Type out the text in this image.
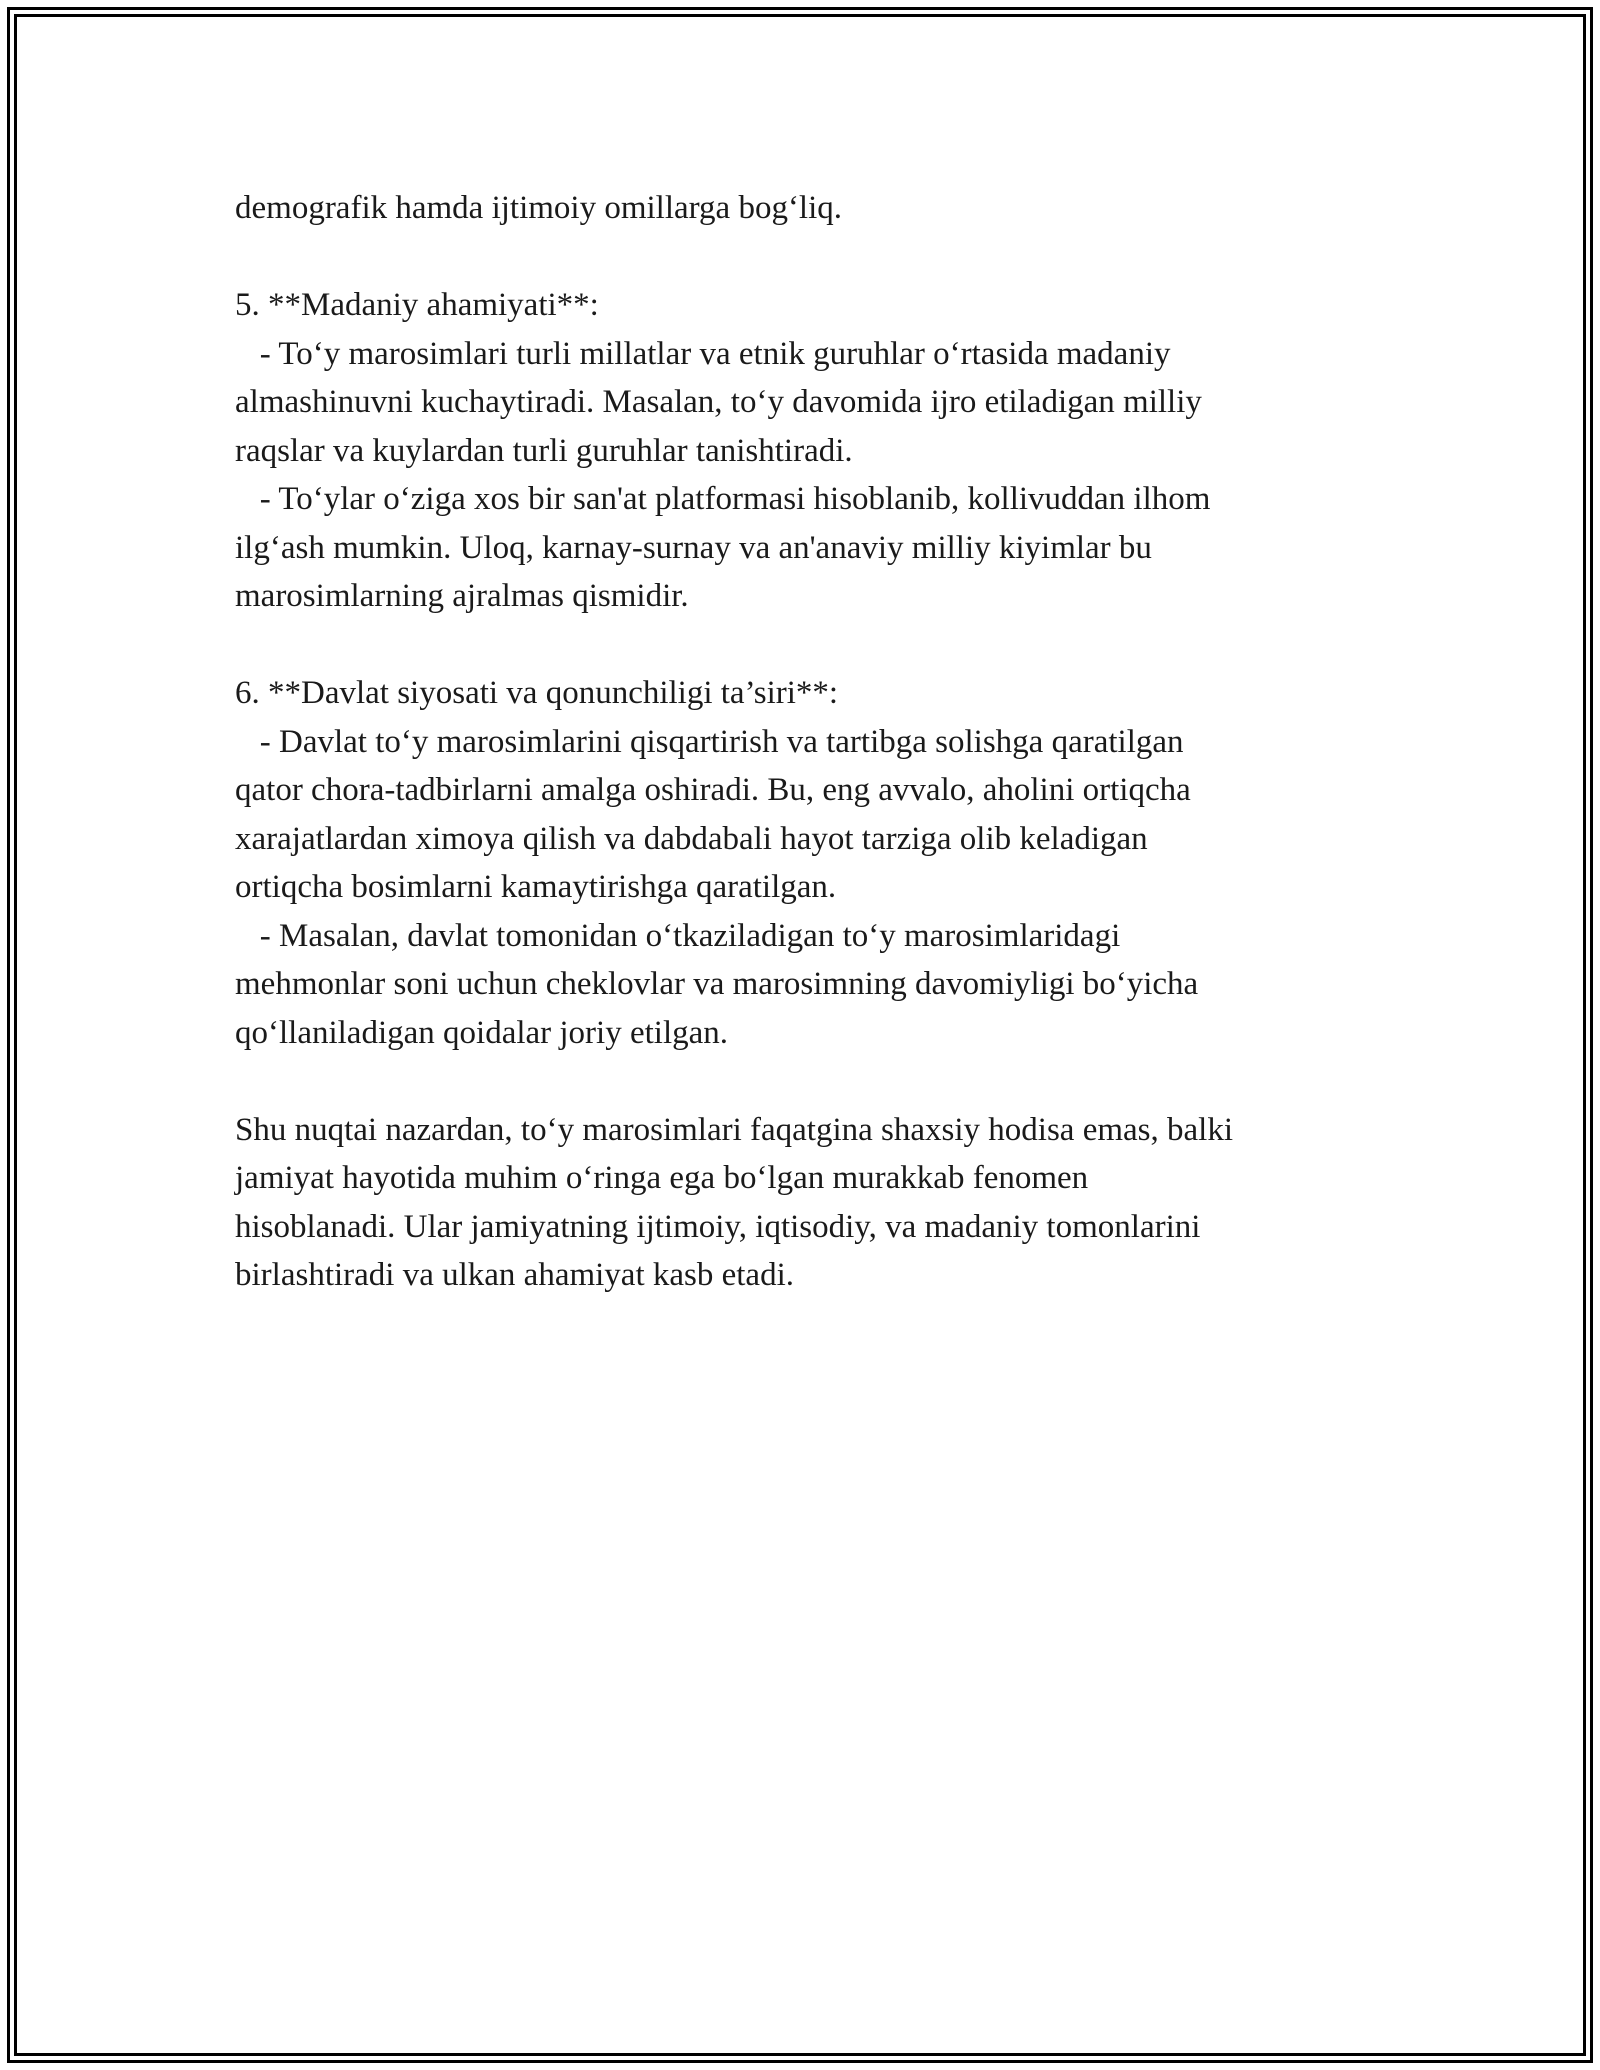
demografik hamda ijtimoiy omillarga bog‘liq.
5. **Madaniy ahamiyati**:
- To‘y marosimlari turli millatlar va etnik guruhlar o‘rtasida madaniy
almashinuvni kuchaytiradi. Masalan, to‘y davomida ijro etiladigan milliy
raqslar va kuylardan turli guruhlar tanishtiradi.
- To‘ylar o‘ziga xos bir san'at platformasi hisoblanib, kollivuddan ilhom
ilg‘ash mumkin. Uloq, karnay-surnay va an'anaviy milliy kiyimlar bu
marosimlarning ajralmas qismidir.
6. **Davlat siyosati va qonunchiligi ta’siri**:
- Davlat to‘y marosimlarini qisqartirish va tartibga solishga qaratilgan
qator chora-tadbirlarni amalga oshiradi. Bu, eng avvalo, aholini ortiqcha
xarajatlardan ximoya qilish va dabdabali hayot tarziga olib keladigan
ortiqcha bosimlarni kamaytirishga qaratilgan.
- Masalan, davlat tomonidan o‘tkaziladigan to‘y marosimlaridagi
mehmonlar soni uchun cheklovlar va marosimning davomiyligi bo‘yicha
qo‘llaniladigan qoidalar joriy etilgan.
Shu nuqtai nazardan, to‘y marosimlari faqatgina shaxsiy hodisa emas, balki
jamiyat hayotida muhim o‘ringa ega bo‘lgan murakkab fenomen
hisoblanadi. Ular jamiyatning ijtimoiy, iqtisodiy, va madaniy tomonlarini
birlashtiradi va ulkan ahamiyat kasb etadi.
